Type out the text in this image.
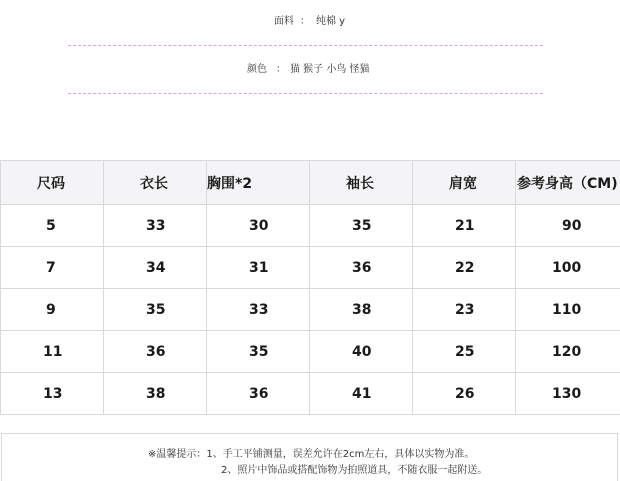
面料 ： 纯棉 y
颜色 ： 猫 猴子 小鸟 怪猫
尺码	衣长	胸围*2	袖长	肩宽	参考身高（CM)

5	33	30	35	21	90

7	34	31	36	22	100

9	35	33	38	23	110

11	36	35	40	25	120

13	38	36	41	26	130
※温馨提示：1、手工平铺测量，误差允许在2cm左右，具体以实物为准。
2、照片中饰品或搭配饰物为拍照道具，不随衣服一起附送。
